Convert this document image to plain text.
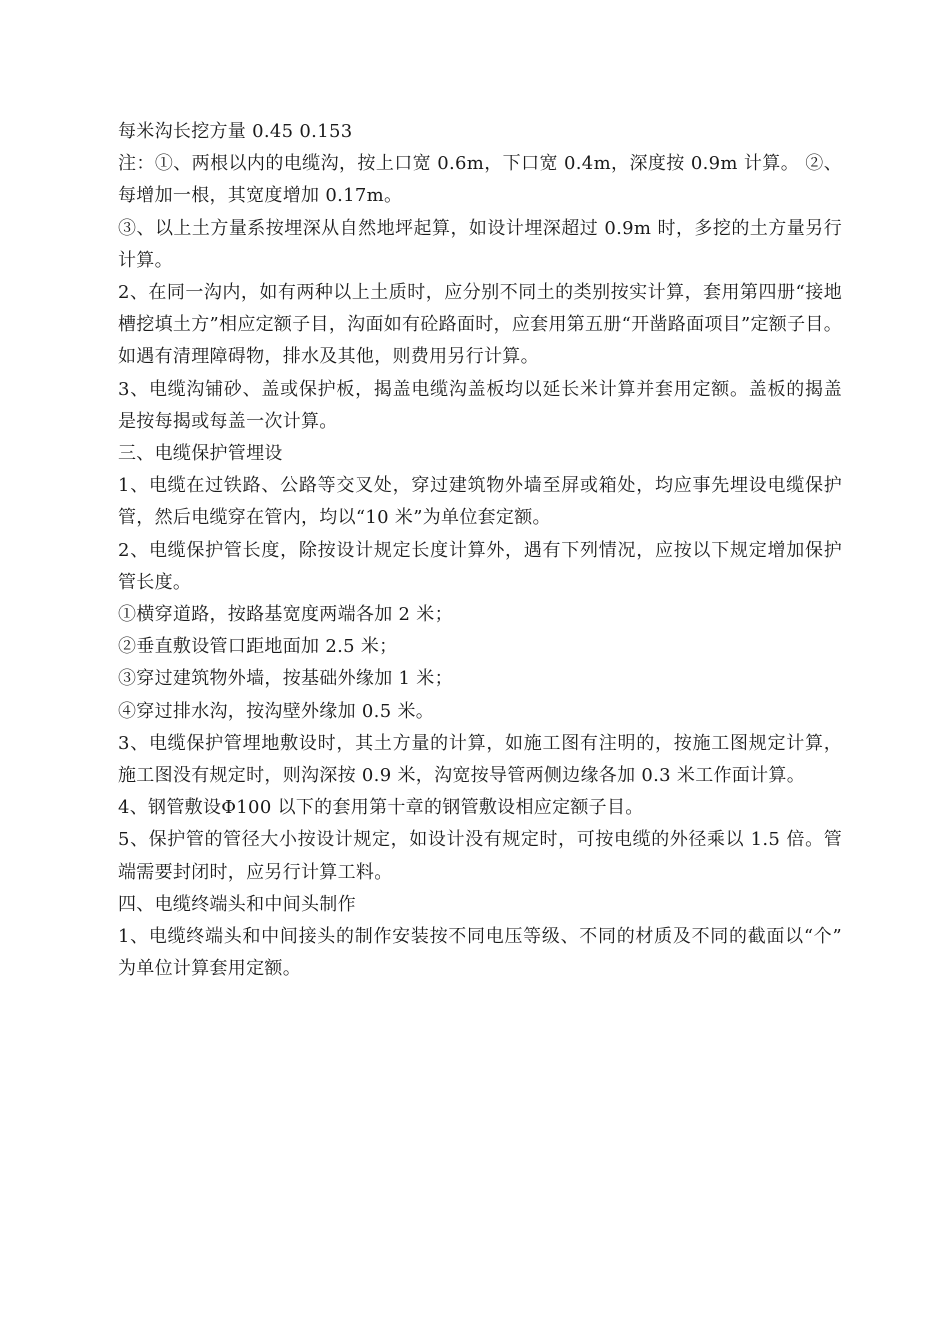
每米沟长挖方量 0.45 0.153

注：①、两根以内的电缆沟，按上口宽 0.6m，下口宽 0.4m，深度按 0.9m 计算。 ②、每增加一根，其宽度增加 0.17m。

③、以上土方量系按埋深从自然地坪起算，如设计埋深超过 0.9m 时，多挖的土方量另行计算。

2、在同一沟内，如有两种以上土质时，应分别不同土的类别按实计算，套用第四册“接地槽挖填土方”相应定额子目，沟面如有砼路面时，应套用第五册“开凿路面项目”定额子目。如遇有清理障碍物，排水及其他，则费用另行计算。

3、电缆沟铺砂、盖或保护板，揭盖电缆沟盖板均以延长米计算并套用定额。盖板的揭盖是按每揭或每盖一次计算。

三、电缆保护管埋设

1、电缆在过铁路、公路等交叉处，穿过建筑物外墙至屏或箱处，均应事先埋设电缆保护管，然后电缆穿在管内，均以“10 米”为单位套定额。

2、电缆保护管长度，除按设计规定长度计算外，遇有下列情况，应按以下规定增加保护管长度。

①横穿道路，按路基宽度两端各加 2 米；

②垂直敷设管口距地面加 2.5 米；

③穿过建筑物外墙，按基础外缘加 1 米；

④穿过排水沟，按沟壁外缘加 0.5 米。

3、电缆保护管埋地敷设时，其土方量的计算，如施工图有注明的，按施工图规定计算，施工图没有规定时，则沟深按 0.9 米，沟宽按导管两侧边缘各加 0.3 米工作面计算。

4、钢管敷设Φ100 以下的套用第十章的钢管敷设相应定额子目。

5、保护管的管径大小按设计规定，如设计没有规定时，可按电缆的外径乘以 1.5 倍。管端需要封闭时，应另行计算工料。

四、电缆终端头和中间头制作

1、电缆终端头和中间接头的制作安装按不同电压等级、不同的材质及不同的截面以“个”为单位计算套用定额。
